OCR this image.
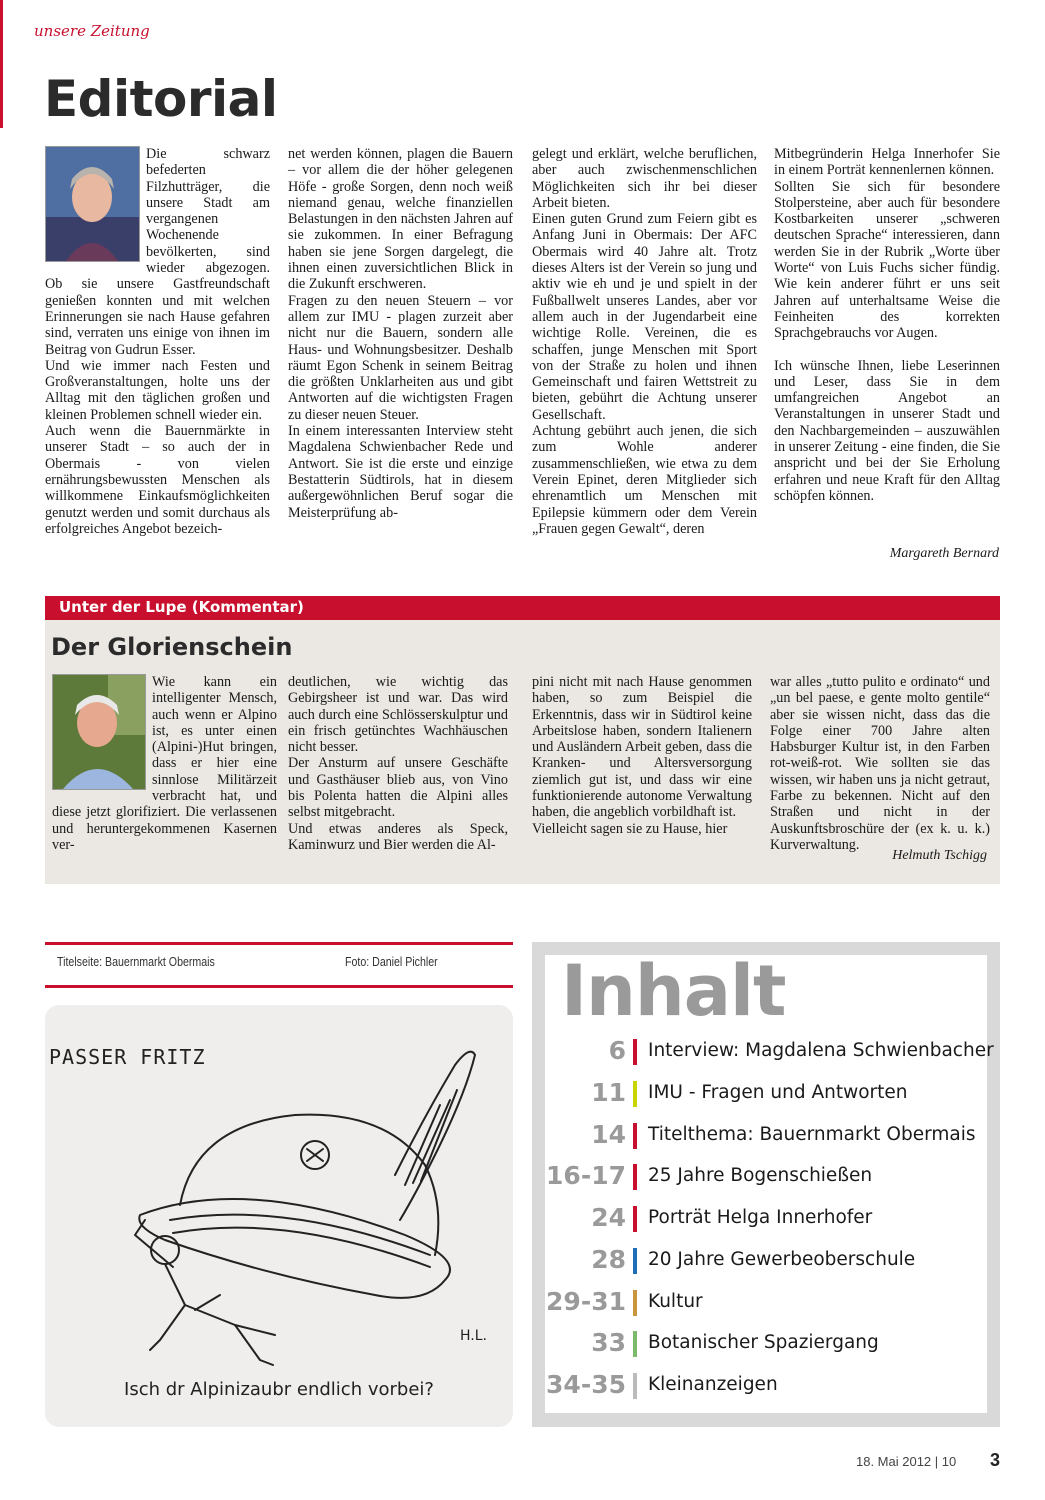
unsere Zeitung
Editorial

Die schwarz befederten Filzhutträger, die unsere Stadt am vergangenen Wochenende bevölkerten, sind wieder abgezogen. Ob sie unsere Gastfreundschaft genießen konnten und mit welchen Erinnerungen sie nach Hause gefahren sind, verraten uns einige von ihnen im Beitrag von Gudrun Esser.

Und wie immer nach Festen und Großveranstaltungen, holte uns der Alltag mit den täglichen großen und kleinen Problemen schnell wieder ein.

Auch wenn die Bauernmärkte in unserer Stadt – so auch der in Obermais - von vielen ernährungsbewussten Menschen als willkommene Einkaufsmöglichkeiten genutzt werden und somit durchaus als erfolgreiches Angebot bezeich-

net werden können, plagen die Bauern – vor allem die der höher gelegenen Höfe - große Sorgen, denn noch weiß niemand genau, welche finanziellen Belastungen in den nächsten Jahren auf sie zukommen. In einer Befragung haben sie jene Sorgen dargelegt, die ihnen einen zuversichtlichen Blick in die Zukunft erschweren.

Fragen zu den neuen Steuern – vor allem zur IMU - plagen zurzeit aber nicht nur die Bauern, sondern alle Haus- und Wohnungsbesitzer. Deshalb räumt Egon Schenk in seinem Beitrag die größten Unklarheiten aus und gibt Antworten auf die wichtigsten Fragen zu dieser neuen Steuer.

In einem interessanten Interview steht Magdalena Schwienbacher Rede und Antwort. Sie ist die erste und einzige Bestatterin Südtirols, hat in diesem außergewöhnlichen Beruf sogar die Meisterprüfung ab-

gelegt und erklärt, welche beruflichen, aber auch zwischenmenschlichen Möglichkeiten sich ihr bei dieser Arbeit bieten.

Einen guten Grund zum Feiern gibt es Anfang Juni in Obermais: Der AFC Obermais wird 40 Jahre alt. Trotz dieses Alters ist der Verein so jung und aktiv wie eh und je und spielt in der Fußballwelt unseres Landes, aber vor allem auch in der Jugendarbeit eine wichtige Rolle. Vereinen, die es schaffen, junge Menschen mit Sport von der Straße zu holen und ihnen Gemeinschaft und fairen Wettstreit zu bieten, gebührt die Achtung unserer Gesellschaft.

Achtung gebührt auch jenen, die sich zum Wohle anderer zusammenschließen, wie etwa zu dem Verein Epinet, deren Mitglieder sich ehrenamtlich um Menschen mit Epilepsie kümmern oder dem Verein „Frauen gegen Gewalt“, deren

Mitbegründerin Helga Innerhofer Sie in einem Porträt kennenlernen können.

Sollten Sie sich für besondere Stolpersteine, aber auch für besondere Kostbarkeiten unserer „schweren deutschen Sprache“ interessieren, dann werden Sie in der Rubrik „Worte über Worte“ von Luis Fuchs sicher fündig. Wie kein anderer führt er uns seit Jahren auf unterhaltsame Weise die Feinheiten des korrekten Sprachgebrauchs vor Augen.

Ich wünsche Ihnen, liebe Leserinnen und Leser, dass Sie in dem umfangreichen Angebot an Veranstaltungen in unserer Stadt und den Nachbargemeinden – auszuwählen in unserer Zeitung - eine finden, die Sie anspricht und bei der Sie Erholung erfahren und neue Kraft für den Alltag schöpfen können.

Margareth Bernard
Unter der Lupe (Kommentar)
Der Glorienschein

Wie kann ein intelligenter Mensch, auch wenn er Alpino ist, es unter einen (Alpini-)Hut bringen, dass er hier eine sinnlose Militärzeit verbracht hat, und diese jetzt glorifiziert. Die verlassenen und heruntergekommenen Kasernen ver-

deutlichen, wie wichtig das Gebirgsheer ist und war. Das wird auch durch eine Schlösserskulptur und ein frisch getünchtes Wachhäuschen nicht besser.

Der Ansturm auf unsere Geschäfte und Gasthäuser blieb aus, von Vino bis Polenta hatten die Alpini alles selbst mitgebracht.

Und etwas anderes als Speck, Kaminwurz und Bier werden die Al-

pini nicht mit nach Hause genommen haben, so zum Beispiel die Erkenntnis, dass wir in Südtirol keine Arbeitslose haben, sondern Italienern und Ausländern Arbeit geben, dass die Kranken- und Altersversorgung ziemlich gut ist, und dass wir eine funktionierende autonome Verwaltung haben, die angeblich vorbildhaft ist.

Vielleicht sagen sie zu Hause, hier

war alles „tutto pulito e ordinato“ und „un bel paese, e gente molto gentile“ aber sie wissen nicht, dass das die Folge einer 700 Jahre alten Habsburger Kultur ist, in den Farben rot-weiß-rot. Wie sollten sie das wissen, wir haben uns ja nicht getraut, Farbe zu bekennen. Nicht auf den Straßen und nicht in der Auskunftsbroschüre der (ex k. u. k.) Kurverwaltung.

Helmuth Tschigg
Titelseite: Bauernmarkt Obermais	Foto: Daniel Pichler
PASSER FRITZ
H.L.
Isch dr Alpinizaubr endlich vorbei?
Inhalt
6 Interview: Magdalena Schwienbacher
11 IMU - Fragen und Antworten
14 Titelthema: Bauernmarkt Obermais
16-17 25 Jahre Bogenschießen
24 Porträt Helga Innerhofer
28 20 Jahre Gewerbeoberschule
29-31 Kultur
33 Botanischer Spaziergang
34-35 Kleinanzeigen
18. Mai 2012 | 10 3
